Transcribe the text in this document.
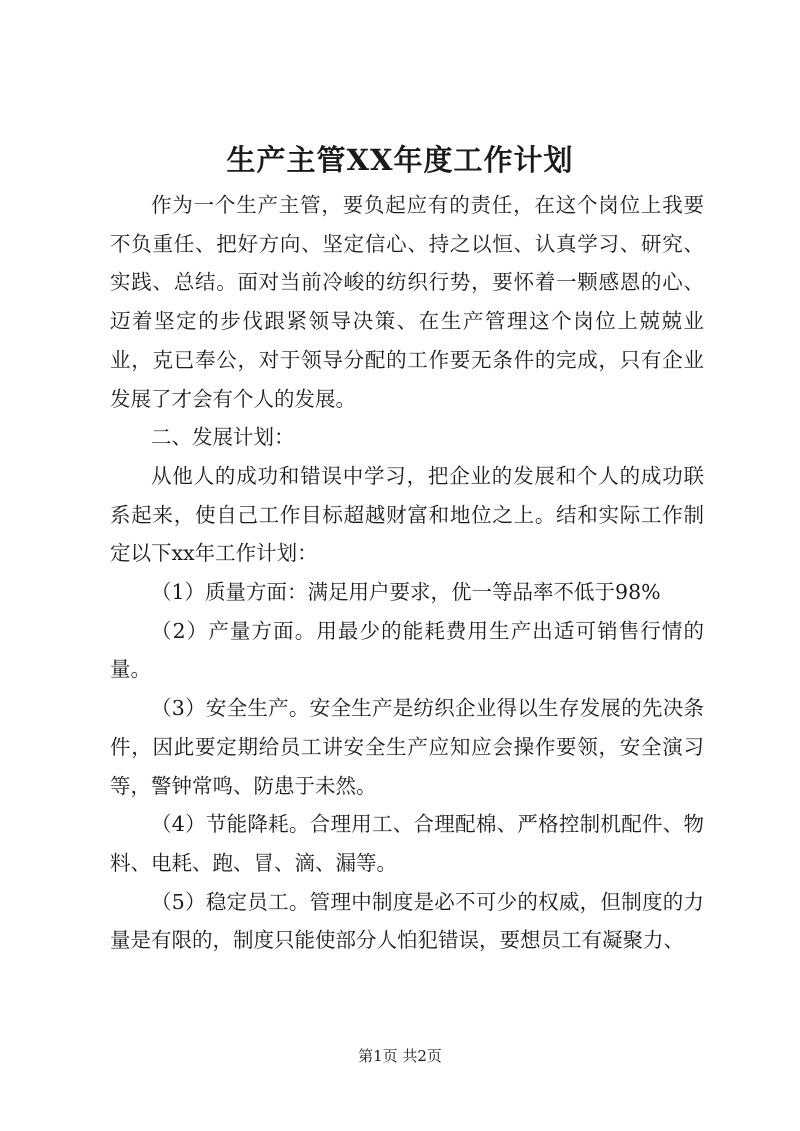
生产主管XX年度工作计划

作为一个生产主管，要负起应有的责任，在这个岗位上我要不负重任、把好方向、坚定信心、持之以恒、认真学习、研究、实践、总结。面对当前冷峻的纺织行势，要怀着一颗感恩的心、迈着坚定的步伐跟紧领导决策、在生产管理这个岗位上兢兢业业，克已奉公，对于领导分配的工作要无条件的完成，只有企业发展了才会有个人的发展。

二、发展计划：

从他人的成功和错误中学习，把企业的发展和个人的成功联系起来，使自己工作目标超越财富和地位之上。结和实际工作制定以下xx年工作计划：

（1）质量方面：满足用户要求，优一等品率不低于98%

（2）产量方面。用最少的能耗费用生产出适可销售行情的量。

（3）安全生产。安全生产是纺织企业得以生存发展的先决条件，因此要定期给员工讲安全生产应知应会操作要领，安全演习等，警钟常鸣、防患于未然。

（4）节能降耗。合理用工、合理配棉、严格控制机配件、物料、电耗、跑、冒、滴、漏等。

（5）稳定员工。管理中制度是必不可少的权威，但制度的力量是有限的，制度只能使部分人怕犯错误，要想员工有凝聚力、

第1页 共2页
